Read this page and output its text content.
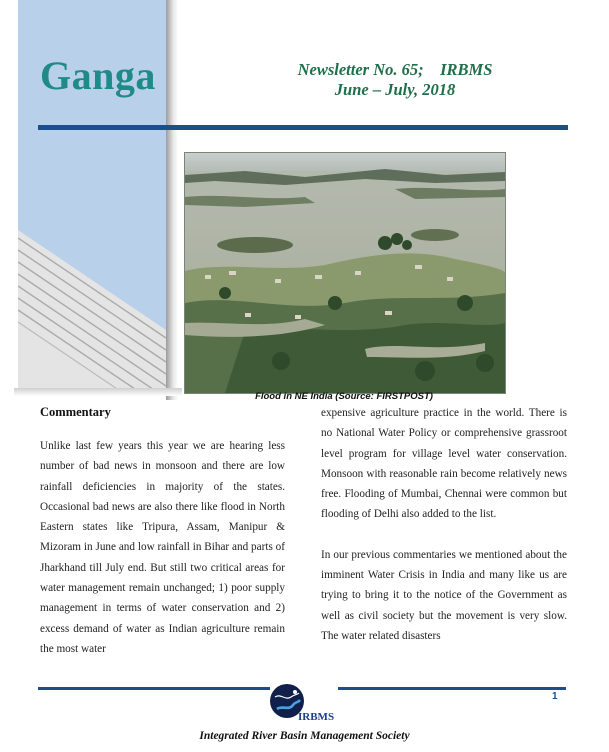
Ganga	Newsletter No. 65;    IRBMS
June – July, 2018
Flood in NE India (Source: FIRSTPOST)
Commentary

Unlike last few years this year we are hearing less number of bad news in monsoon and there are low rainfall deficiencies in majority of the states. Occasional bad news are also there like flood in North Eastern states like Tripura, Assam, Manipur & Mizoram in June and low rainfall in Bihar and parts of Jharkhand till July end. But still two critical areas for water management remain unchanged; 1) poor supply management in terms of water conservation and 2) excess demand of water as Indian agriculture remain the most water

expensive agriculture practice in the world. There is no National Water Policy or comprehensive grassroot level program for village level water conservation. Monsoon with reasonable rain become relatively news free. Flooding of Mumbai, Chennai were common but flooding of Delhi also added to the list.

In our previous commentaries we mentioned about the imminent Water Crisis in India and many like us are trying to bring it to the notice of the Government as well as civil society but the movement is very slow. The water related disasters

1
IRBMS
Integrated River Basin Management Society
